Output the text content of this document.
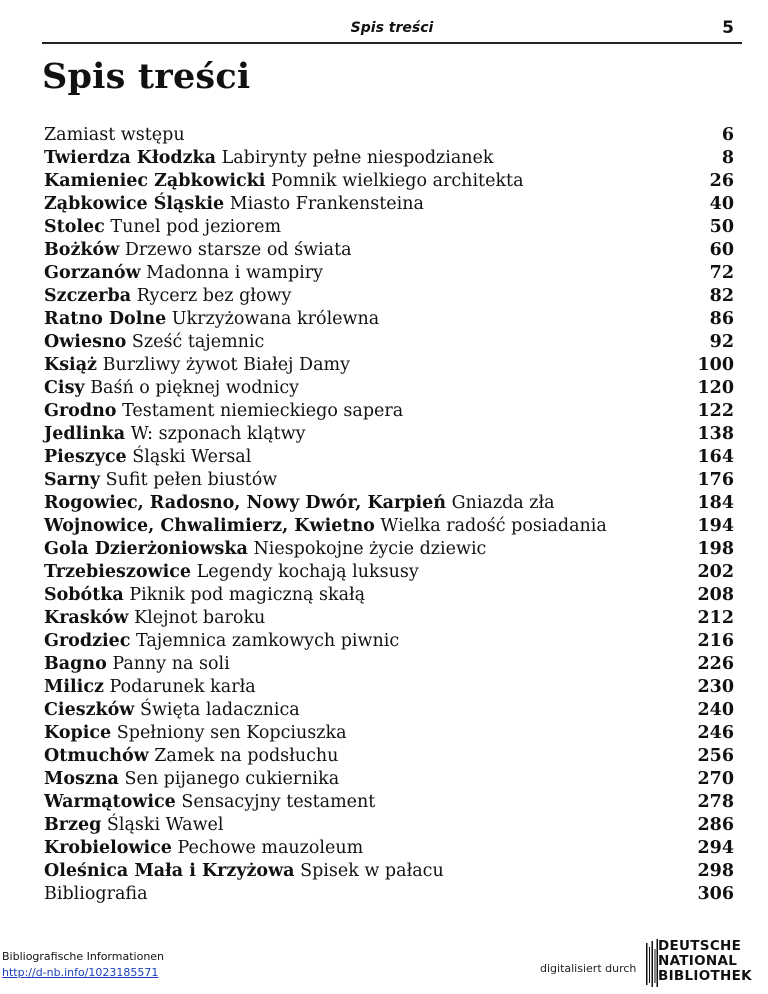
Spis treści	5
Spis treści
Zamiast wstępu	6
Twierdza Kłodzka Labirynty pełne niespodzianek	8
Kamieniec Ząbkowicki Pomnik wielkiego architekta	26
Ząbkowice Śląskie Miasto Frankensteina	40
Stolec Tunel pod jeziorem	50
Bożków Drzewo starsze od świata	60
Gorzanów Madonna i wampiry	72
Szczerba Rycerz bez głowy	82
Ratno Dolne Ukrzyżowana królewna	86
Owiesno Sześć tajemnic	92
Książ Burzliwy żywot Białej Damy	100
Cisy Baśń o pięknej wodnicy	120
Grodno Testament niemieckiego sapera	122
Jedlinka W: szponach klątwy	138
Pieszyce Śląski Wersal	164
Sarny Sufit pełen biustów	176
Rogowiec, Radosno, Nowy Dwór, Karpień Gniazda zła	184
Wojnowice, Chwalimierz, Kwietno Wielka radość posiadania	194
Gola Dzierżoniowska Niespokojne życie dziewic	198
Trzebieszowice Legendy kochają luksusy	202
Sobótka Piknik pod magiczną skałą	208
Krasków Klejnot baroku	212
Grodziec Tajemnica zamkowych piwnic	216
Bagno Panny na soli	226
Milicz Podarunek karła	230
Cieszków Święta ladacznica	240
Kopice Spełniony sen Kopciuszka	246
Otmuchów Zamek na podsłuchu	256
Moszna Sen pijanego cukiernika	270
Warmątowice Sensacyjny testament	278
Brzeg Śląski Wawel	286
Krobielowice Pechowe mauzoleum	294
Oleśnica Mała i Krzyżowa Spisek w pałacu	298
Bibliografia	306
Bibliografische Informationen
http://d-nb.info/1023185571	digitalisiert durch
DEUTSCHE
NATIONAL
BIBLIOTHEK
